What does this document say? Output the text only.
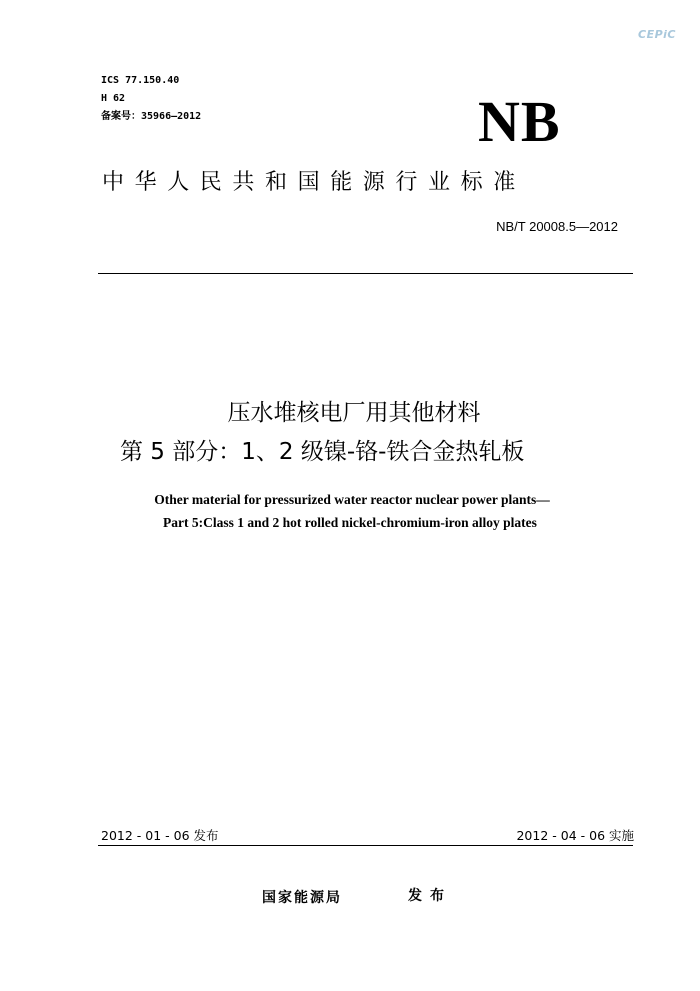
CEPiC
ICS 77.150.40
H 62
备案号：35966—2012	NB
中华人民共和国能源行业标准
NB/T 20008.5—2012
压水堆核电厂用其他材料
第 5 部分：1、2 级镍-铬-铁合金热轧板
Other material for pressurized water reactor nuclear power plants—
Part 5:Class 1 and 2 hot rolled nickel-chromium-iron alloy plates
2012 - 01 - 06 发布	2012 - 04 - 06 实施
国家能源局	发布
